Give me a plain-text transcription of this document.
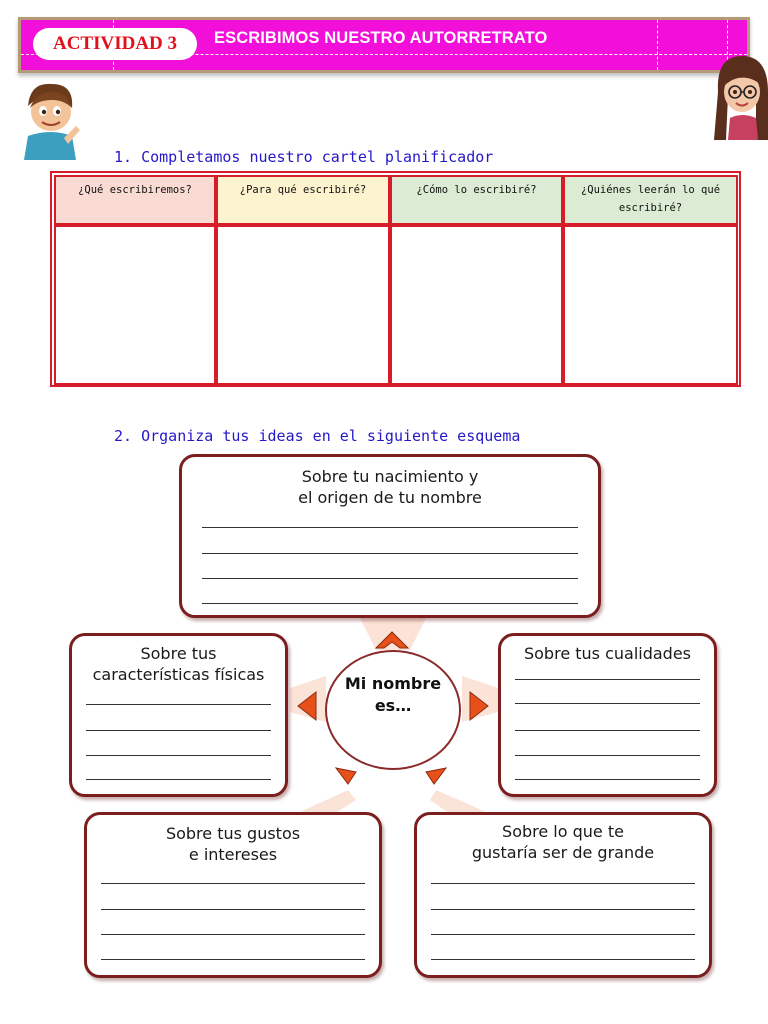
ACTIVIDAD 3	ESCRIBIMOS NUESTRO AUTORRETRATO
1. Completamos nuestro cartel planificador
¿Qué escribiremos?	¿Para qué escribiré?	¿Cómo lo escribiré?	¿Quiénes leerán lo qué
escribiré?
2. Organiza tus ideas en el siguiente esquema
Sobre tu nacimiento y
el origen de tu nombre
Sobre tus
características físicas
Sobre tus cualidades
Mi nombre
es…
Sobre tus gustos
e intereses
Sobre lo que te
gustaría ser de grande
